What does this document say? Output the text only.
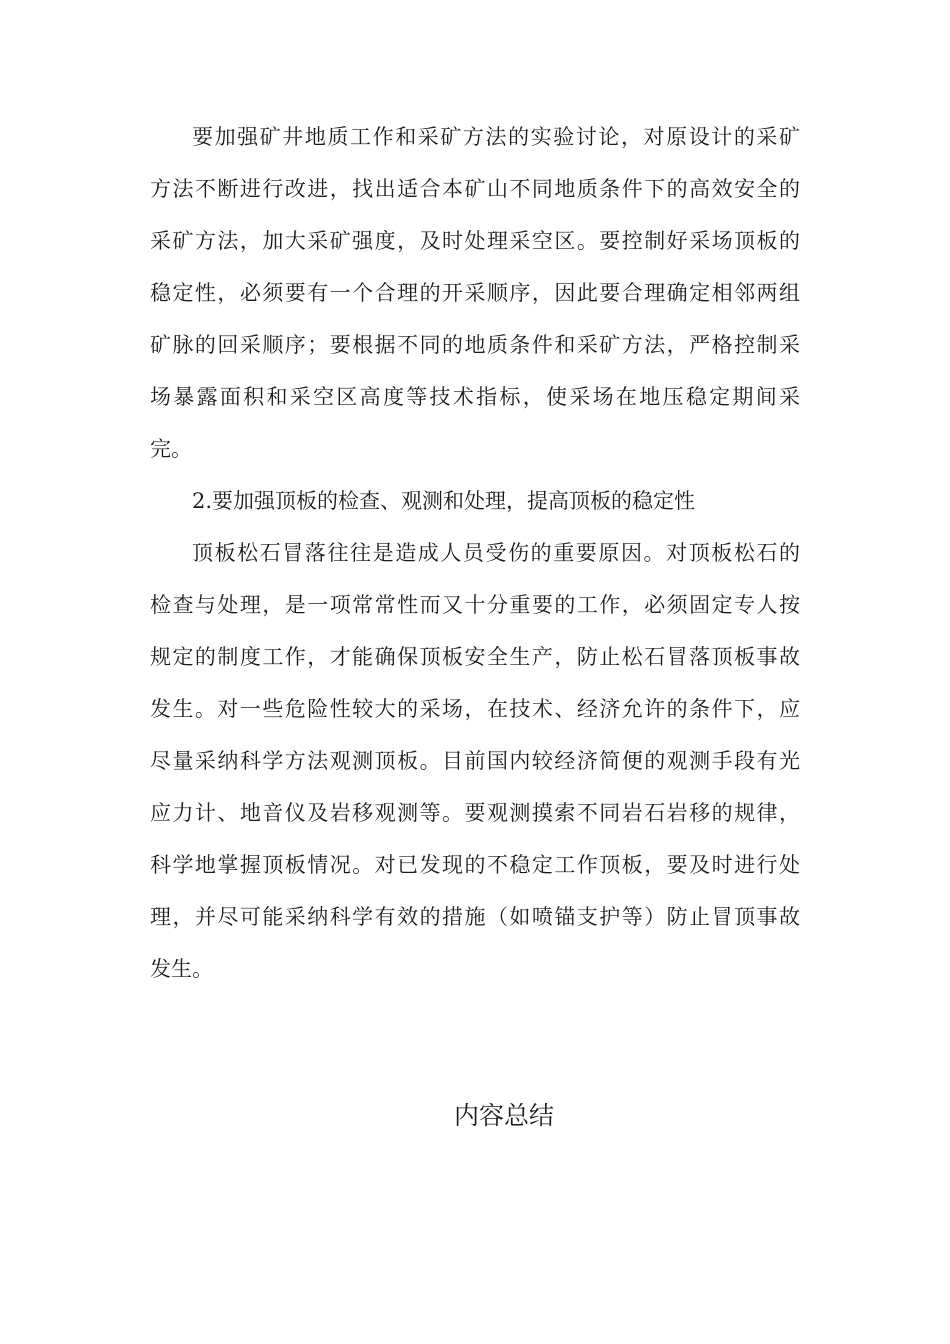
要加强矿井地质工作和采矿方法的实验讨论，对原设计的采矿
方法不断进行改进，找出适合本矿山不同地质条件下的高效安全的
采矿方法，加大采矿强度，及时处理采空区。要控制好采场顶板的
稳定性，必须要有一个合理的开采顺序，因此要合理确定相邻两组
矿脉的回采顺序；要根据不同的地质条件和采矿方法，严格控制采
场暴露面积和采空区高度等技术指标，使采场在地压稳定期间采
完。
2.要加强顶板的检查、观测和处理，提高顶板的稳定性
顶板松石冒落往往是造成人员受伤的重要原因。对顶板松石的
检查与处理，是一项常常性而又十分重要的工作，必须固定专人按
规定的制度工作，才能确保顶板安全生产，防止松石冒落顶板事故
发生。对一些危险性较大的采场，在技术、经济允许的条件下，应
尽量采纳科学方法观测顶板。目前国内较经济简便的观测手段有光
应力计、地音仪及岩移观测等。要观测摸索不同岩石岩移的规律，
科学地掌握顶板情况。对已发现的不稳定工作顶板，要及时进行处
理，并尽可能采纳科学有效的措施（如喷锚支护等）防止冒顶事故
发生。
内容总结
